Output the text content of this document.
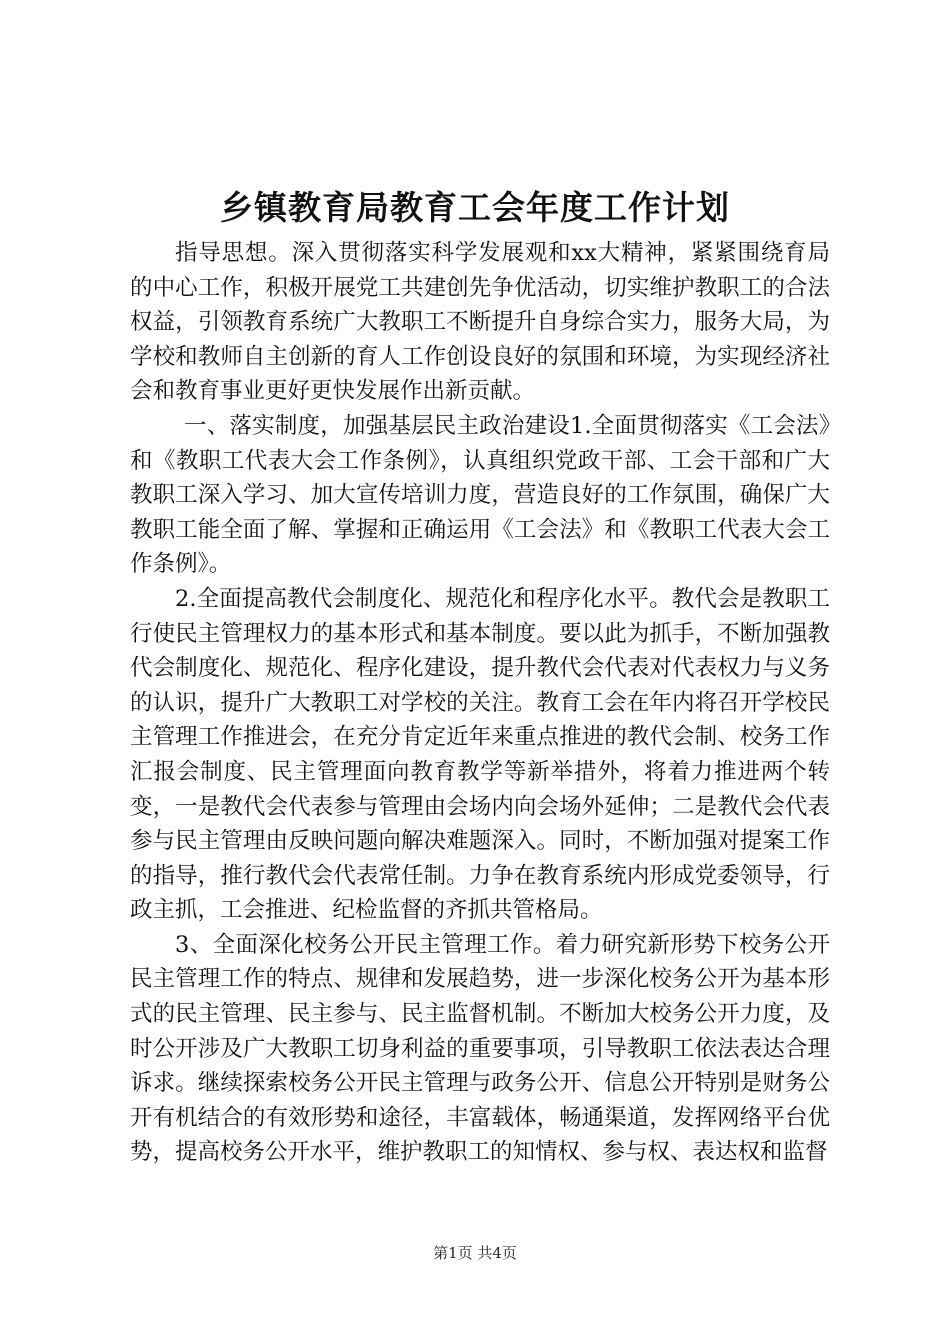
乡镇教育局教育工会年度工作计划

指导思想。深入贯彻落实科学发展观和xx大精神，紧紧围绕育局的中心工作，积极开展党工共建创先争优活动，切实维护教职工的合法权益，引领教育系统广大教职工不断提升自身综合实力，服务大局，为学校和教师自主创新的育人工作创设良好的氛围和环境，为实现经济社会和教育事业更好更快发展作出新贡献。

一、落实制度，加强基层民主政治建设1.全面贯彻落实《工会法》和《教职工代表大会工作条例》，认真组织党政干部、工会干部和广大教职工深入学习、加大宣传培训力度，营造良好的工作氛围，确保广大教职工能全面了解、掌握和正确运用《工会法》和《教职工代表大会工作条例》。

2.全面提高教代会制度化、规范化和程序化水平。教代会是教职工行使民主管理权力的基本形式和基本制度。要以此为抓手，不断加强教代会制度化、规范化、程序化建设，提升教代会代表对代表权力与义务的认识，提升广大教职工对学校的关注。教育工会在年内将召开学校民主管理工作推进会，在充分肯定近年来重点推进的教代会制、校务工作汇报会制度、民主管理面向教育教学等新举措外，将着力推进两个转变，一是教代会代表参与管理由会场内向会场外延伸；二是教代会代表参与民主管理由反映问题向解决难题深入。同时，不断加强对提案工作的指导，推行教代会代表常任制。力争在教育系统内形成党委领导，行政主抓，工会推进、纪检监督的齐抓共管格局。

3、全面深化校务公开民主管理工作。着力研究新形势下校务公开民主管理工作的特点、规律和发展趋势，进一步深化校务公开为基本形式的民主管理、民主参与、民主监督机制。不断加大校务公开力度，及时公开涉及广大教职工切身利益的重要事项，引导教职工依法表达合理诉求。继续探索校务公开民主管理与政务公开、信息公开特别是财务公开有机结合的有效形势和途径，丰富载体，畅通渠道，发挥网络平台优势，提高校务公开水平，维护教职工的知情权、参与权、表达权和监督

第1页 共4页
